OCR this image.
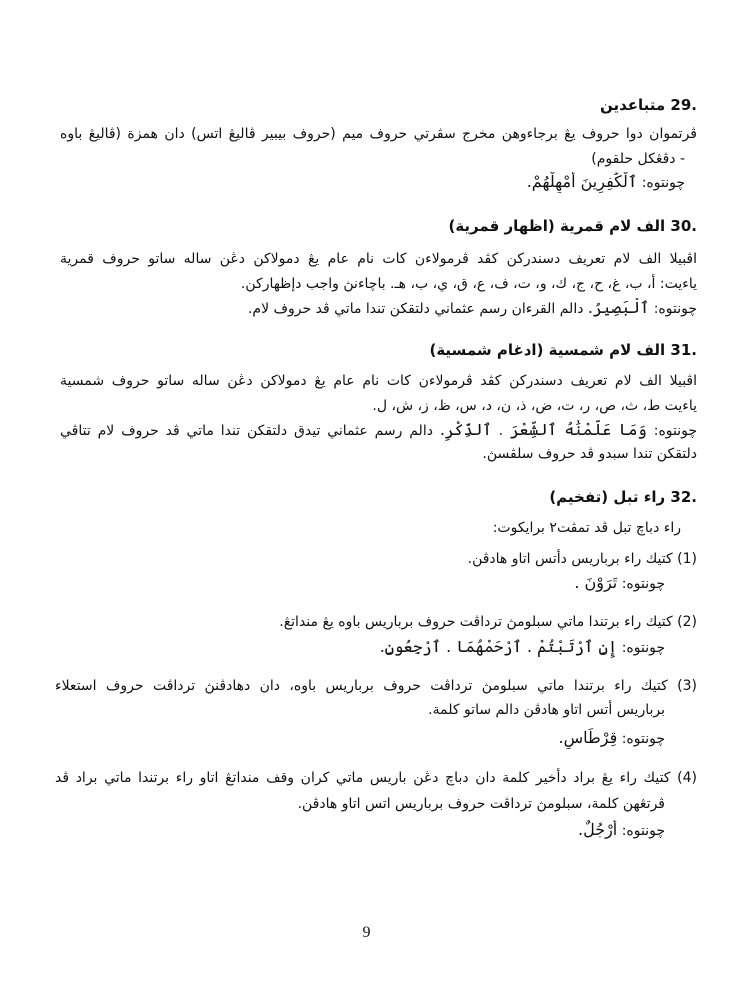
29. متباعدين
ڤرتموان دوا حروف يڠ برجاءوهن مخرج سڤرتي حروف ميم (حروف بيبير ڤاليڠ اتس) دان همزة (ڤاليڠ باوه
- دڤڠكل حلقوم)
چونتوه: ٱلْكَٰفِرِينَ أَمْهِلْهُمْ.
30. الف لام قمرية (اظهار قمرية)
اڤبيلا الف لام تعريف دسندركن كڤد ڤرمولاءن كات نام عام يڠ دمولاكن دڠن ساله ساتو حروف قمرية
ياءيت: أ، ب، غ، ح، ج، ك، و، ت، ف، ع، ق، ي، ب، هـ. باچاءنڽ واجب دإظهاركن.
چونتوه: ٱلْبَصِيرُ. دالم القرءان رسم عثماني دلتقكن تندا ماتي ڤد حروف لام.
31. الف لام شمسية (ادغام شمسية)
اڤبيلا الف لام تعريف دسندركن كڤد ڤرمولاءن كات نام عام يڠ دمولاكن دڠن ساله ساتو حروف شمسية
ياءيت ط، ث، ص، ر، ت، ض، ذ، ن، د، س، ظ، ز، ش، ل.
چونتوه: وَمَا عَلَّمْنَٰهُ ٱلشِّعْرَ . ٱلذِّكْرِ. دالم رسم عثماني تيدق دلتقكن تندا ماتي ڤد حروف لام تتاڤي
دلتقكن تندا سبدو ڤد حروف سلڤسڽ.
32. راء تبل (تفخيم)
راء دباچ تبل ڤد تمڤت٢ برايكوت:
(1) كتيك راء برباريس دأتس اتاو هادڤن.
چونتوه: تَرَوْنَ .
(2) كتيك راء برتندا ماتي سبلومڽ ترداڤت حروف برباريس باوه يڠ منداتڠ.
چونتوه: إِنِ ٱرْتَبْتُمْ . ٱرْحَمْهُمَا . ٱرْجِعُونِ.
(3) كتيك راء برتندا ماتي سبلومڽ ترداڤت حروف برباريس باوه، دان دهادڤنڽ ترداڤت حروف استعلاء
برباريس أتس اتاو هادڤن دالم ساتو كلمة.
چونتوه: قِرْطَاسٍ.
(4) كتيك راء يڠ براد دأخير كلمة دان دباچ دڠن باريس ماتي كران وقف منداتڠ اتاو راء برتندا ماتي براد ڤد
ڤرتڠهن كلمة، سبلومڽ ترداڤت حروف برباريس اتس اتاو هادڤن.
چونتوه: أَرْجُلٌ.
9
